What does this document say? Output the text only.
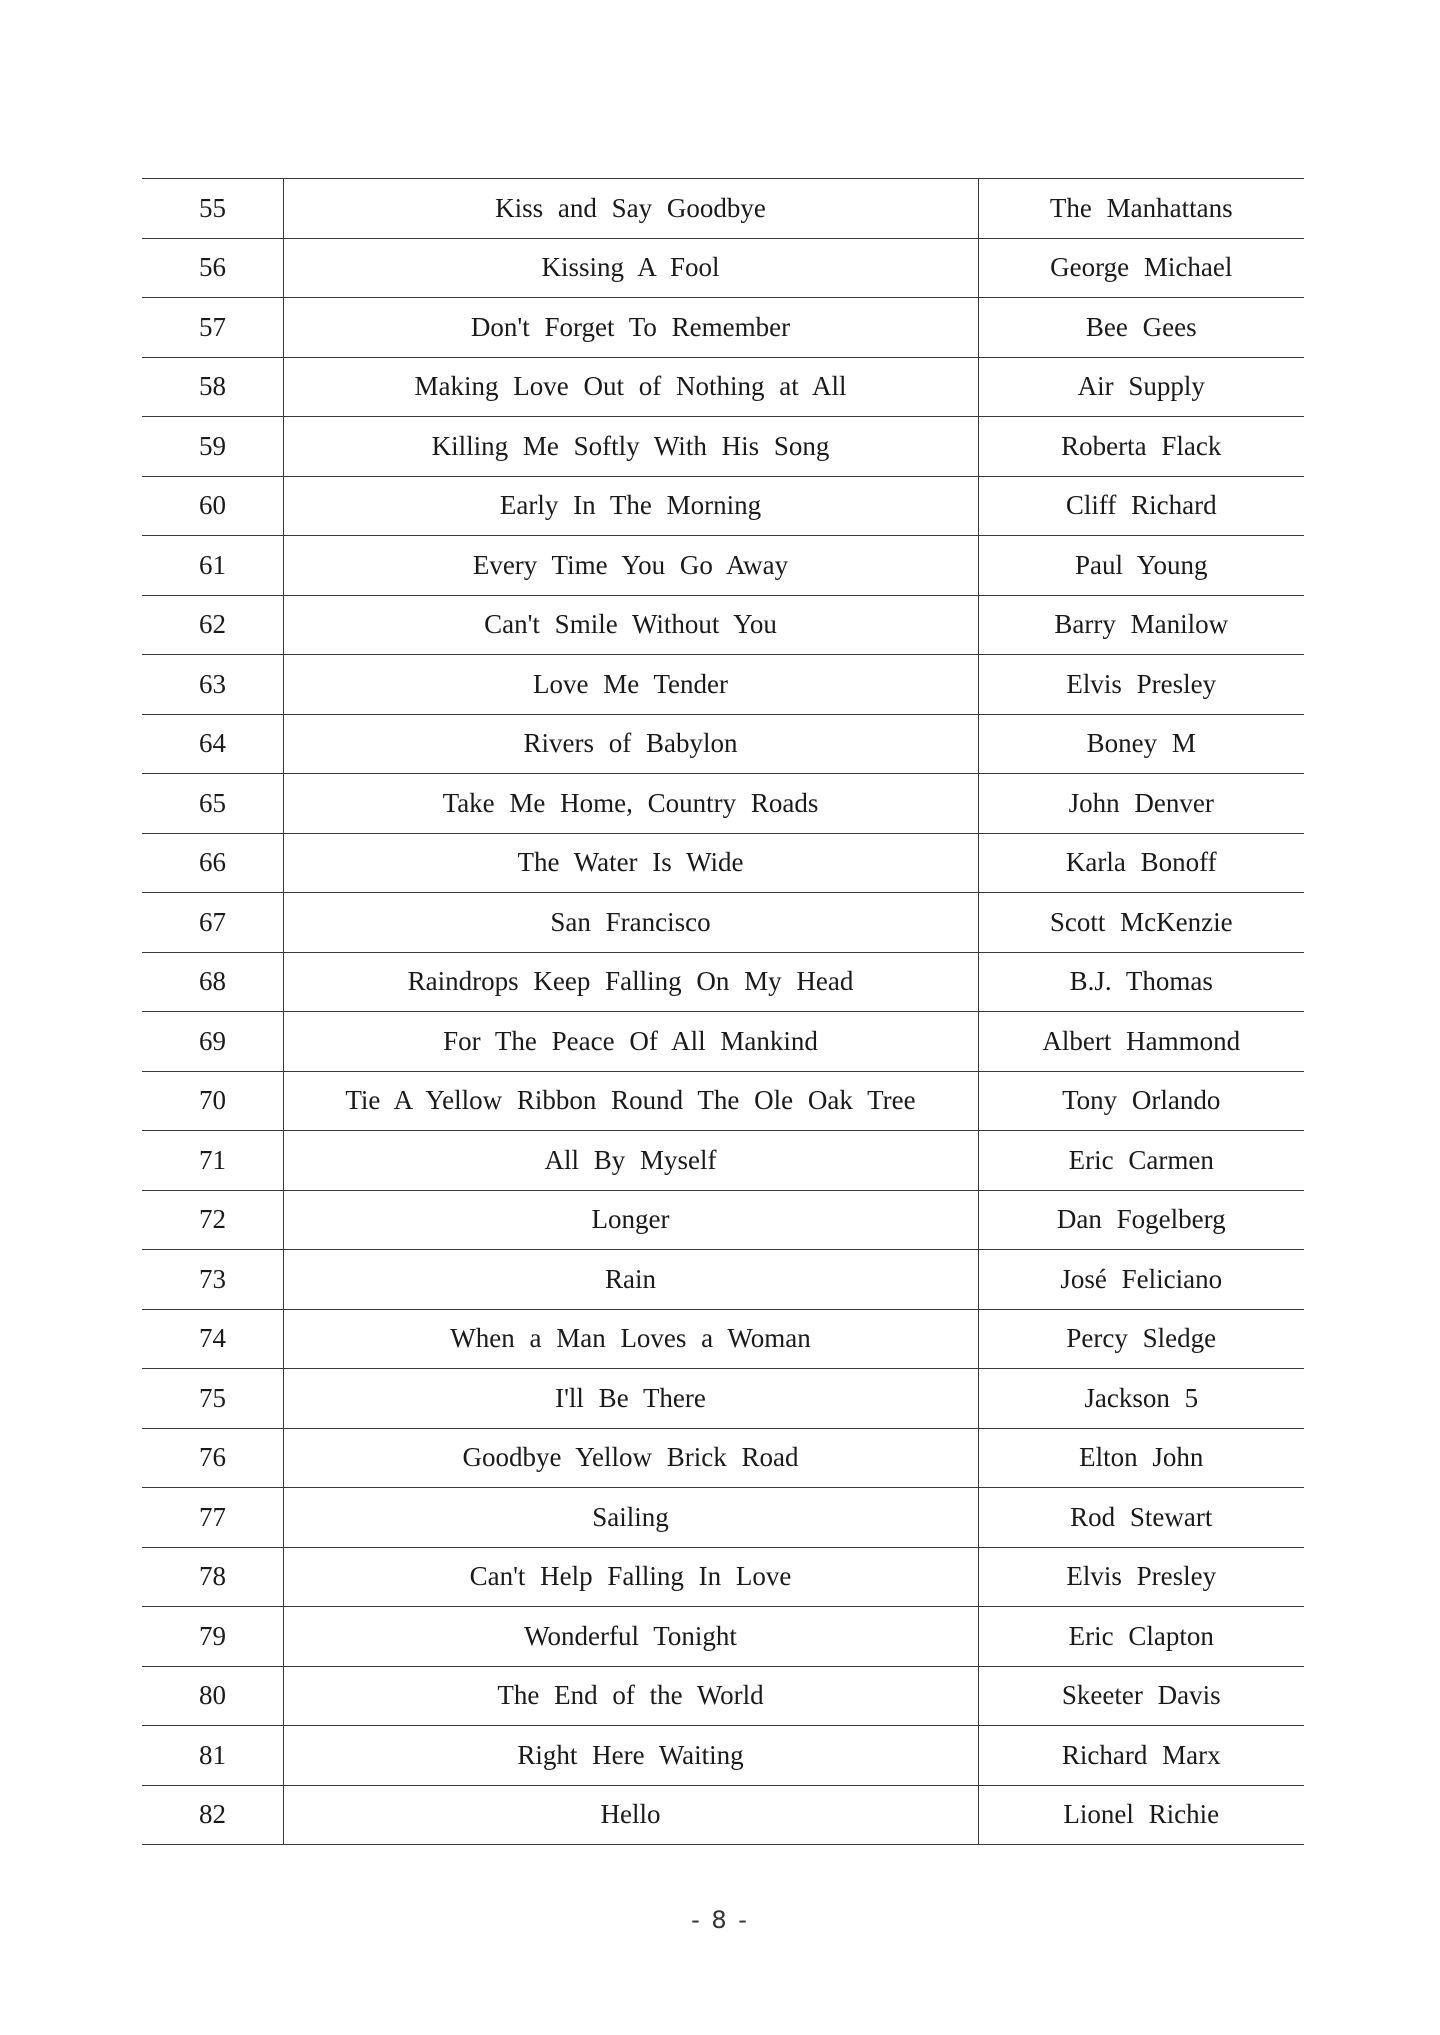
55	Kiss and Say Goodbye	The Manhattans
56	Kissing A Fool	George Michael
57	Don't Forget To Remember	Bee Gees
58	Making Love Out of Nothing at All	Air Supply
59	Killing Me Softly With His Song	Roberta Flack
60	Early In The Morning	Cliff Richard
61	Every Time You Go Away	Paul Young
62	Can't Smile Without You	Barry Manilow
63	Love Me Tender	Elvis Presley
64	Rivers of Babylon	Boney M
65	Take Me Home, Country Roads	John Denver
66	The Water Is Wide	Karla Bonoff
67	San Francisco	Scott McKenzie
68	Raindrops Keep Falling On My Head	B.J. Thomas
69	For The Peace Of All Mankind	Albert Hammond
70	Tie A Yellow Ribbon Round The Ole Oak Tree	Tony Orlando
71	All By Myself	Eric Carmen
72	Longer	Dan Fogelberg
73	Rain	José Feliciano
74	When a Man Loves a Woman	Percy Sledge
75	I'll Be There	Jackson 5
76	Goodbye Yellow Brick Road	Elton John
77	Sailing	Rod Stewart
78	Can't Help Falling In Love	Elvis Presley
79	Wonderful Tonight	Eric Clapton
80	The End of the World	Skeeter Davis
81	Right Here Waiting	Richard Marx
82	Hello	Lionel Richie
- 8 -
